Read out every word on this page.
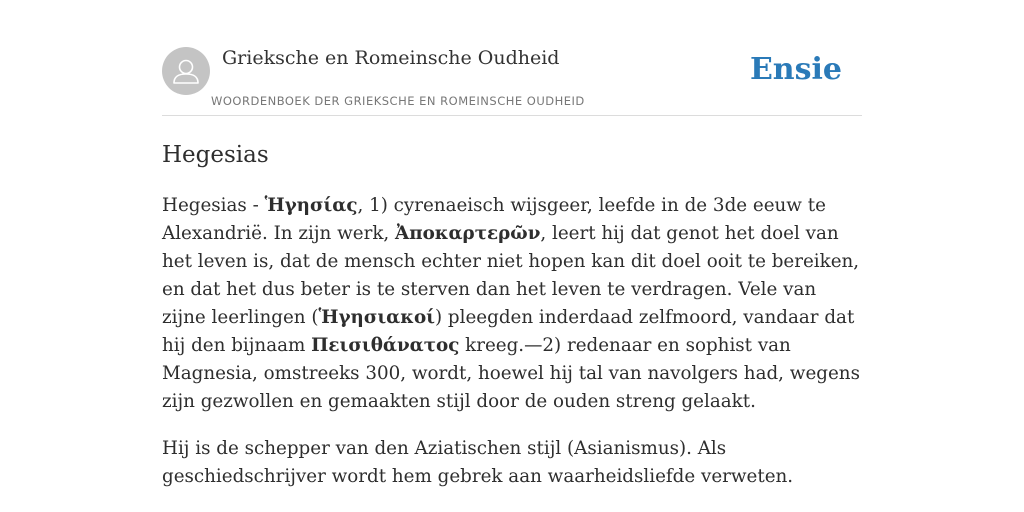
Grieksche en Romeinsche Oudheid
WOORDENBOEK DER GRIEKSCHE EN ROMEINSCHE OUDHEID
Ensie
Hegesias

Hegesias - Ἡγησίας, 1) cyrenaeisch wijsgeer, leefde in de 3de eeuw te Alexandrië. In zijn werk, Ἀποκαρτερῶν, leert hij dat genot het doel van het leven is, dat de mensch echter niet hopen kan dit doel ooit te bereiken, en dat het dus beter is te sterven dan het leven te verdragen. Vele van zijne leerlingen (Ἡγησιακοί) pleegden inderdaad zelfmoord, vandaar dat hij den bijnaam Πεισιθάνατος kreeg.—2) redenaar en sophist van Magnesia, omstreeks 300, wordt, hoewel hij tal van navolgers had, wegens zijn gezwollen en gemaakten stijl door de ouden streng gelaakt.

Hij is de schepper van den Aziatischen stijl (Asianismus). Als geschiedschrijver wordt hem gebrek aan waarheidsliefde verweten.
